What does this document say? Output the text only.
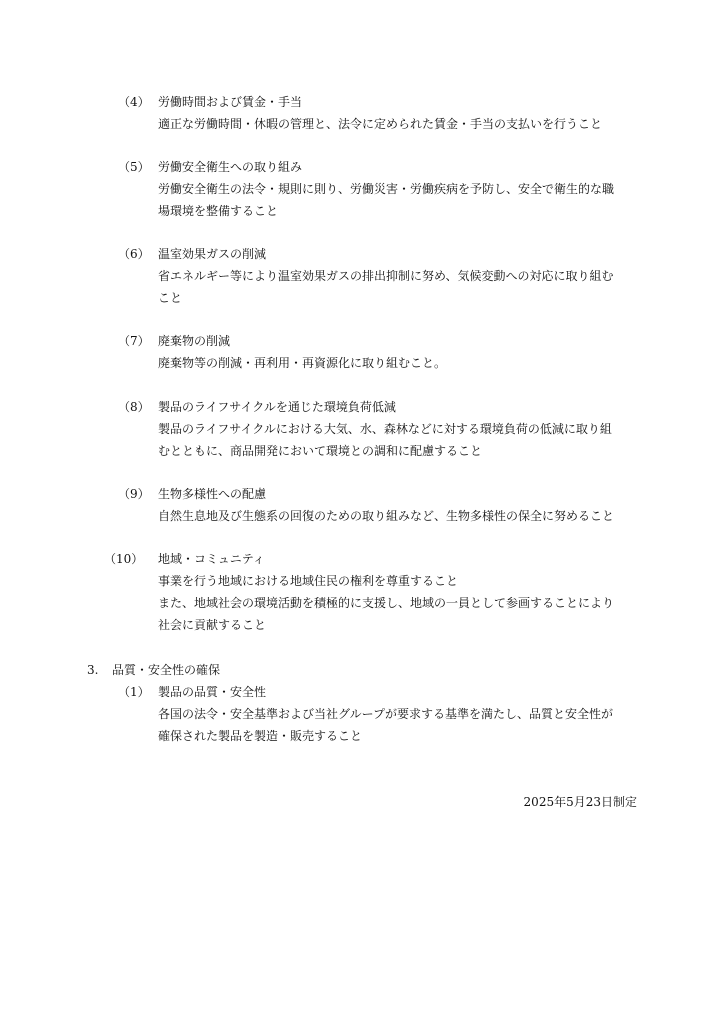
（4） 労働時間および賃金・手当
適正な労働時間・休暇の管理と、法令に定められた賃金・手当の支払いを行うこと
（5） 労働安全衛生への取り組み
労働安全衛生の法令・規則に則り、労働災害・労働疾病を予防し、安全で衛生的な職
場環境を整備すること
（6） 温室効果ガスの削減
省エネルギー等により温室効果ガスの排出抑制に努め、気候変動への対応に取り組む
こと
（7） 廃棄物の削減
廃棄物等の削減・再利用・再資源化に取り組むこと。
（8） 製品のライフサイクルを通じた環境負荷低減
製品のライフサイクルにおける大気、水、森林などに対する環境負荷の低減に取り組
むとともに、商品開発において環境との調和に配慮すること
（9） 生物多様性への配慮
自然生息地及び生態系の回復のための取り組みなど、生物多様性の保全に努めること
（10） 地域・コミュニティ
事業を行う地域における地域住民の権利を尊重すること
また、地域社会の環境活動を積極的に支援し、地域の一員として参画することにより
社会に貢献すること
3. 品質・安全性の確保
（1） 製品の品質・安全性
各国の法令・安全基準および当社グループが要求する基準を満たし、品質と安全性が
確保された製品を製造・販売すること
2025年5月23日制定
